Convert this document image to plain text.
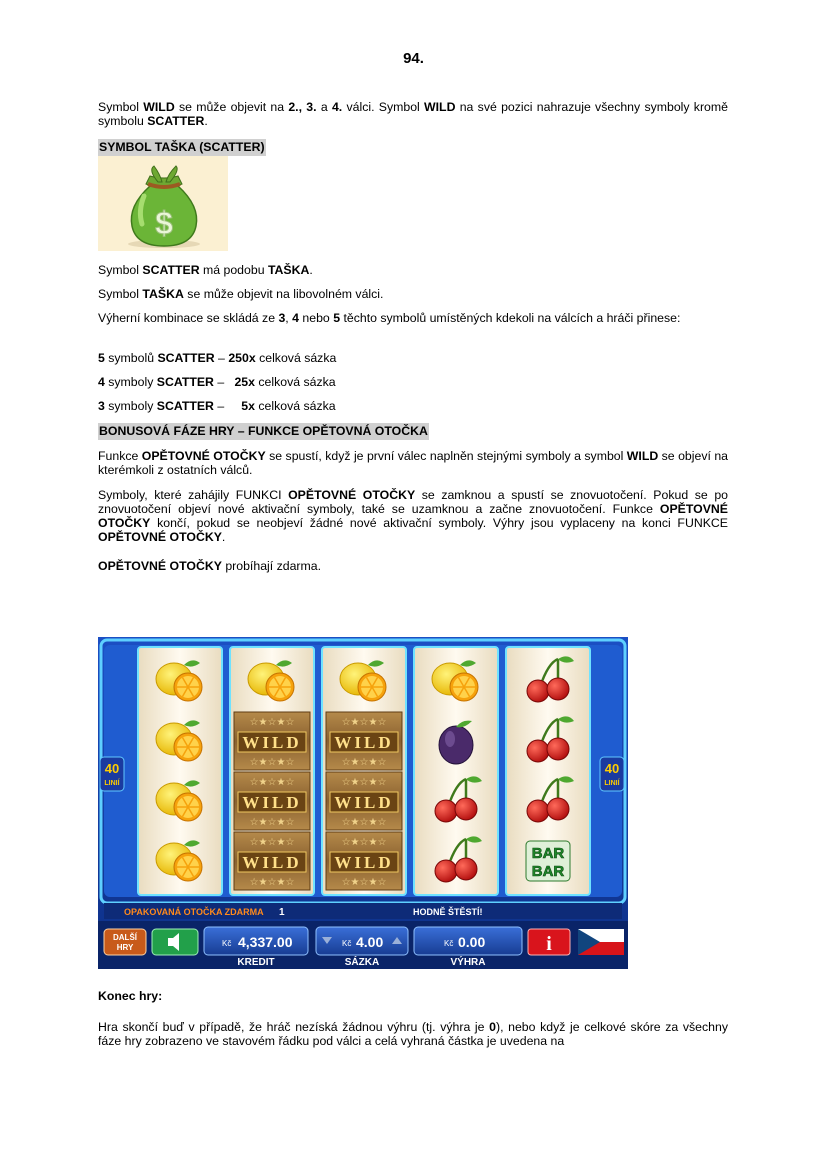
94.
Symbol WILD se může objevit na 2., 3. a 4. válci. Symbol WILD na své pozici nahrazuje všechny symboly kromě symbolu SCATTER.
SYMBOL TAŠKA (SCATTER)
$
Symbol SCATTER má podobu TAŠKA.
Symbol TAŠKA se může objevit na libovolném válci.
Výherní kombinace se skládá ze 3, 4 nebo 5 těchto symbolů umístěných kdekoli na válcích a hráči přinese:
5 symbolů SCATTER – 250x celková sázka
4 symboly SCATTER –   25x celková sázka
3 symboly SCATTER –     5x celková sázka
BONUSOVÁ FÁZE HRY – FUNKCE OPĚTOVNÁ OTOČKA
Funkce OPĚTOVNÉ OTOČKY se spustí, když je první válec naplněn stejnými symboly a symbol WILD se objeví na kterémkoli z ostatních válců.
Symboly, které zahájily FUNKCI OPĚTOVNÉ OTOČKY se zamknou a spustí se znovuotočení. Pokud se po znovuotočení objeví nové aktivační symboly, také se uzamknou a začne znovuotočení. Funkce OPĚTOVNÉ OTOČKY končí, pokud se neobjeví žádné nové aktivační symboly. Výhry jsou vyplaceny na konci FUNKCE OPĚTOVNÉ OTOČKY.
OPĚTOVNÉ OTOČKY probíhají zdarma.
☆★☆★☆
☆★☆★☆
WILD
☆★☆★☆
☆★☆★☆
WILD
☆★☆★☆
☆★☆★☆
WILD
☆★☆★☆
☆★☆★☆
WILD
☆★☆★☆
☆★☆★☆
WILD
☆★☆★☆
☆★☆★☆
WILD	BAR
BAR
40
LINIÍ
40
LINIÍ
OPAKOVANÁ OTOČKA ZDARMA 1	HODNĚ ŠTĚSTÍ!
DALŠÍ
HRY	Kč 4,337.00
KREDIT
Kč 4.00
SÁZKA
Kč 0.00
VÝHRA
i
Konec hry:
Hra skončí buď v případě, že hráč nezíská žádnou výhru (tj. výhra je 0), nebo když je celkové skóre za všechny fáze hry zobrazeno ve stavovém řádku pod válci a celá vyhraná částka je uvedena na
